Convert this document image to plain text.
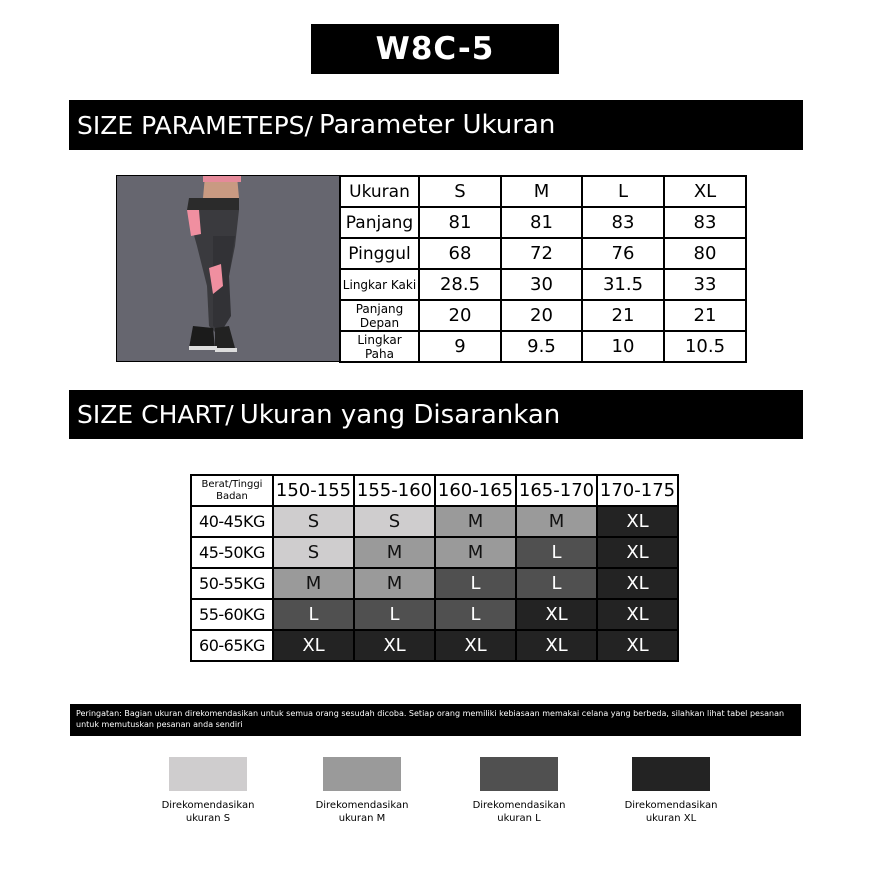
W8C-5
SIZE PARAMETEPS/ Parameter Ukuran
Ukuran	S	M	L	XL
Panjang	81	81	83	83
Pinggul	68	72	76	80
Lingkar Kaki	28.5	30	31.5	33
Panjang Depan	20	20	21	21
Lingkar Paha	9	9.5	10	10.5
SIZE CHART/ Ukuran yang Disarankan
Berat/Tinggi Badan	150-155	155-160	160-165	165-170	170-175
40-45KG	S	S	M	M	XL
45-50KG	S	M	M	L	XL
50-55KG	M	M	L	L	XL
55-60KG	L	L	L	XL	XL
60-65KG	XL	XL	XL	XL	XL
Peringatan: Bagian ukuran direkomendasikan untuk semua orang sesudah dicoba. Setiap orang memiliki kebiasaan memakai celana yang berbeda, silahkan lihat tabel pesanan untuk memutuskan pesanan anda sendiri
Direkomendasikan ukuran S
Direkomendasikan ukuran M
Direkomendasikan ukuran L
Direkomendasikan ukuran XL
